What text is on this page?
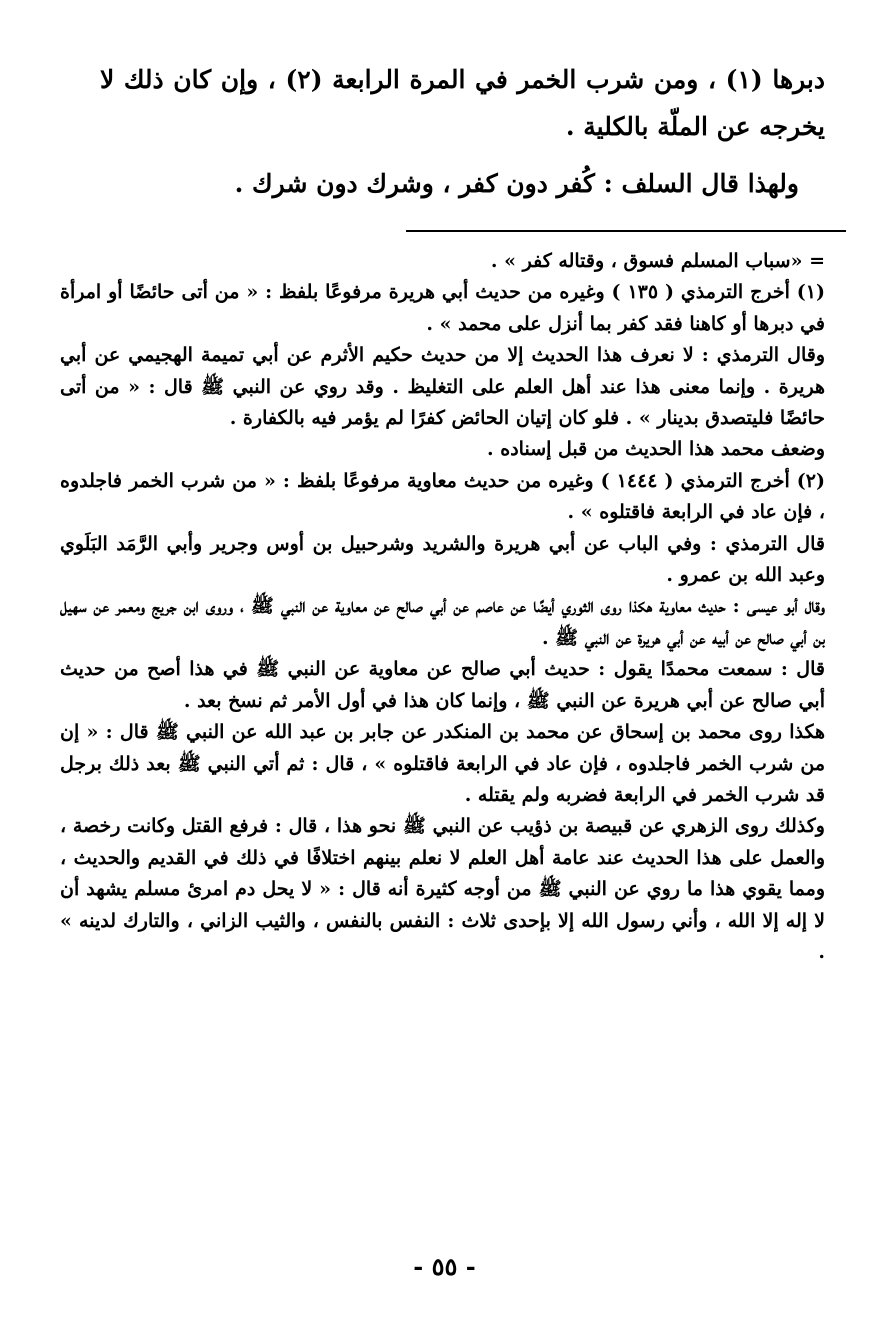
دبرها (١) ، ومن شرب الخمر في المرة الرابعة (٢) ، وإن كان ذلك لا يخرجه عن الملّة بالكلية .

ولهذا قال السلف : كُفر دون كفر ، وشرك دون شرك .

= «سباب المسلم فسوق ، وقتاله كفر » .

(١) أخرج الترمذي ( ١٣٥ ) وغيره من حديث أبي هريرة مرفوعًا بلفظ : « من أتى حائضًا أو امرأة في دبرها أو كاهنا فقد كفر بما أنزل على محمد » .

وقال الترمذي : لا نعرف هذا الحديث إلا من حديث حكيم الأثرم عن أبي تميمة الهجيمي عن أبي هريرة . وإنما معنى هذا عند أهل العلم على التغليظ . وقد روي عن النبي ﷺ قال : « من أتى حائضًا فليتصدق بدينار » . فلو كان إتيان الحائض كفرًا لم يؤمر فيه بالكفارة .

وضعف محمد هذا الحديث من قبل إسناده .

(٢) أخرج الترمذي ( ١٤٤٤ ) وغيره من حديث معاوية مرفوعًا بلفظ : « من شرب الخمر فاجلدوه ، فإن عاد في الرابعة فاقتلوه » .

قال الترمذي : وفي الباب عن أبي هريرة والشريد وشرحبيل بن أوس وجرير وأبي الرَّمَد البَلَوي وعبد الله بن عمرو .

وقال أبو عيسى : حديث معاوية هكذا روى الثوري أيضًا عن عاصم عن أبي صالح عن معاوية عن النبي ﷺ ، وروى ابن جريج ومعمر عن سهيل بن أبي صالح عن أبيه عن أبي هريرة عن النبي ﷺ .

قال : سمعت محمدًا يقول : حديث أبي صالح عن معاوية عن النبي ﷺ في هذا أصح من حديث أبي صالح عن أبي هريرة عن النبي ﷺ ، وإنما كان هذا في أول الأمر ثم نسخ بعد .

هكذا روى محمد بن إسحاق عن محمد بن المنكدر عن جابر بن عبد الله عن النبي ﷺ قال : « إن من شرب الخمر فاجلدوه ، فإن عاد في الرابعة فاقتلوه » ، قال : ثم أتي النبي ﷺ بعد ذلك برجل قد شرب الخمر في الرابعة فضربه ولم يقتله .

وكذلك روى الزهري عن قبيصة بن ذؤيب عن النبي ﷺ نحو هذا ، قال : فرفع القتل وكانت رخصة ، والعمل على هذا الحديث عند عامة أهل العلم لا نعلم بينهم اختلافًا في ذلك في القديم والحديث ، ومما يقوي هذا ما روي عن النبي ﷺ من أوجه كثيرة أنه قال : « لا يحل دم امرئ مسلم يشهد أن لا إله إلا الله ، وأني رسول الله إلا بإحدى ثلاث : النفس بالنفس ، والثيب الزاني ، والتارك لدينه » .

- ٥٥ -
